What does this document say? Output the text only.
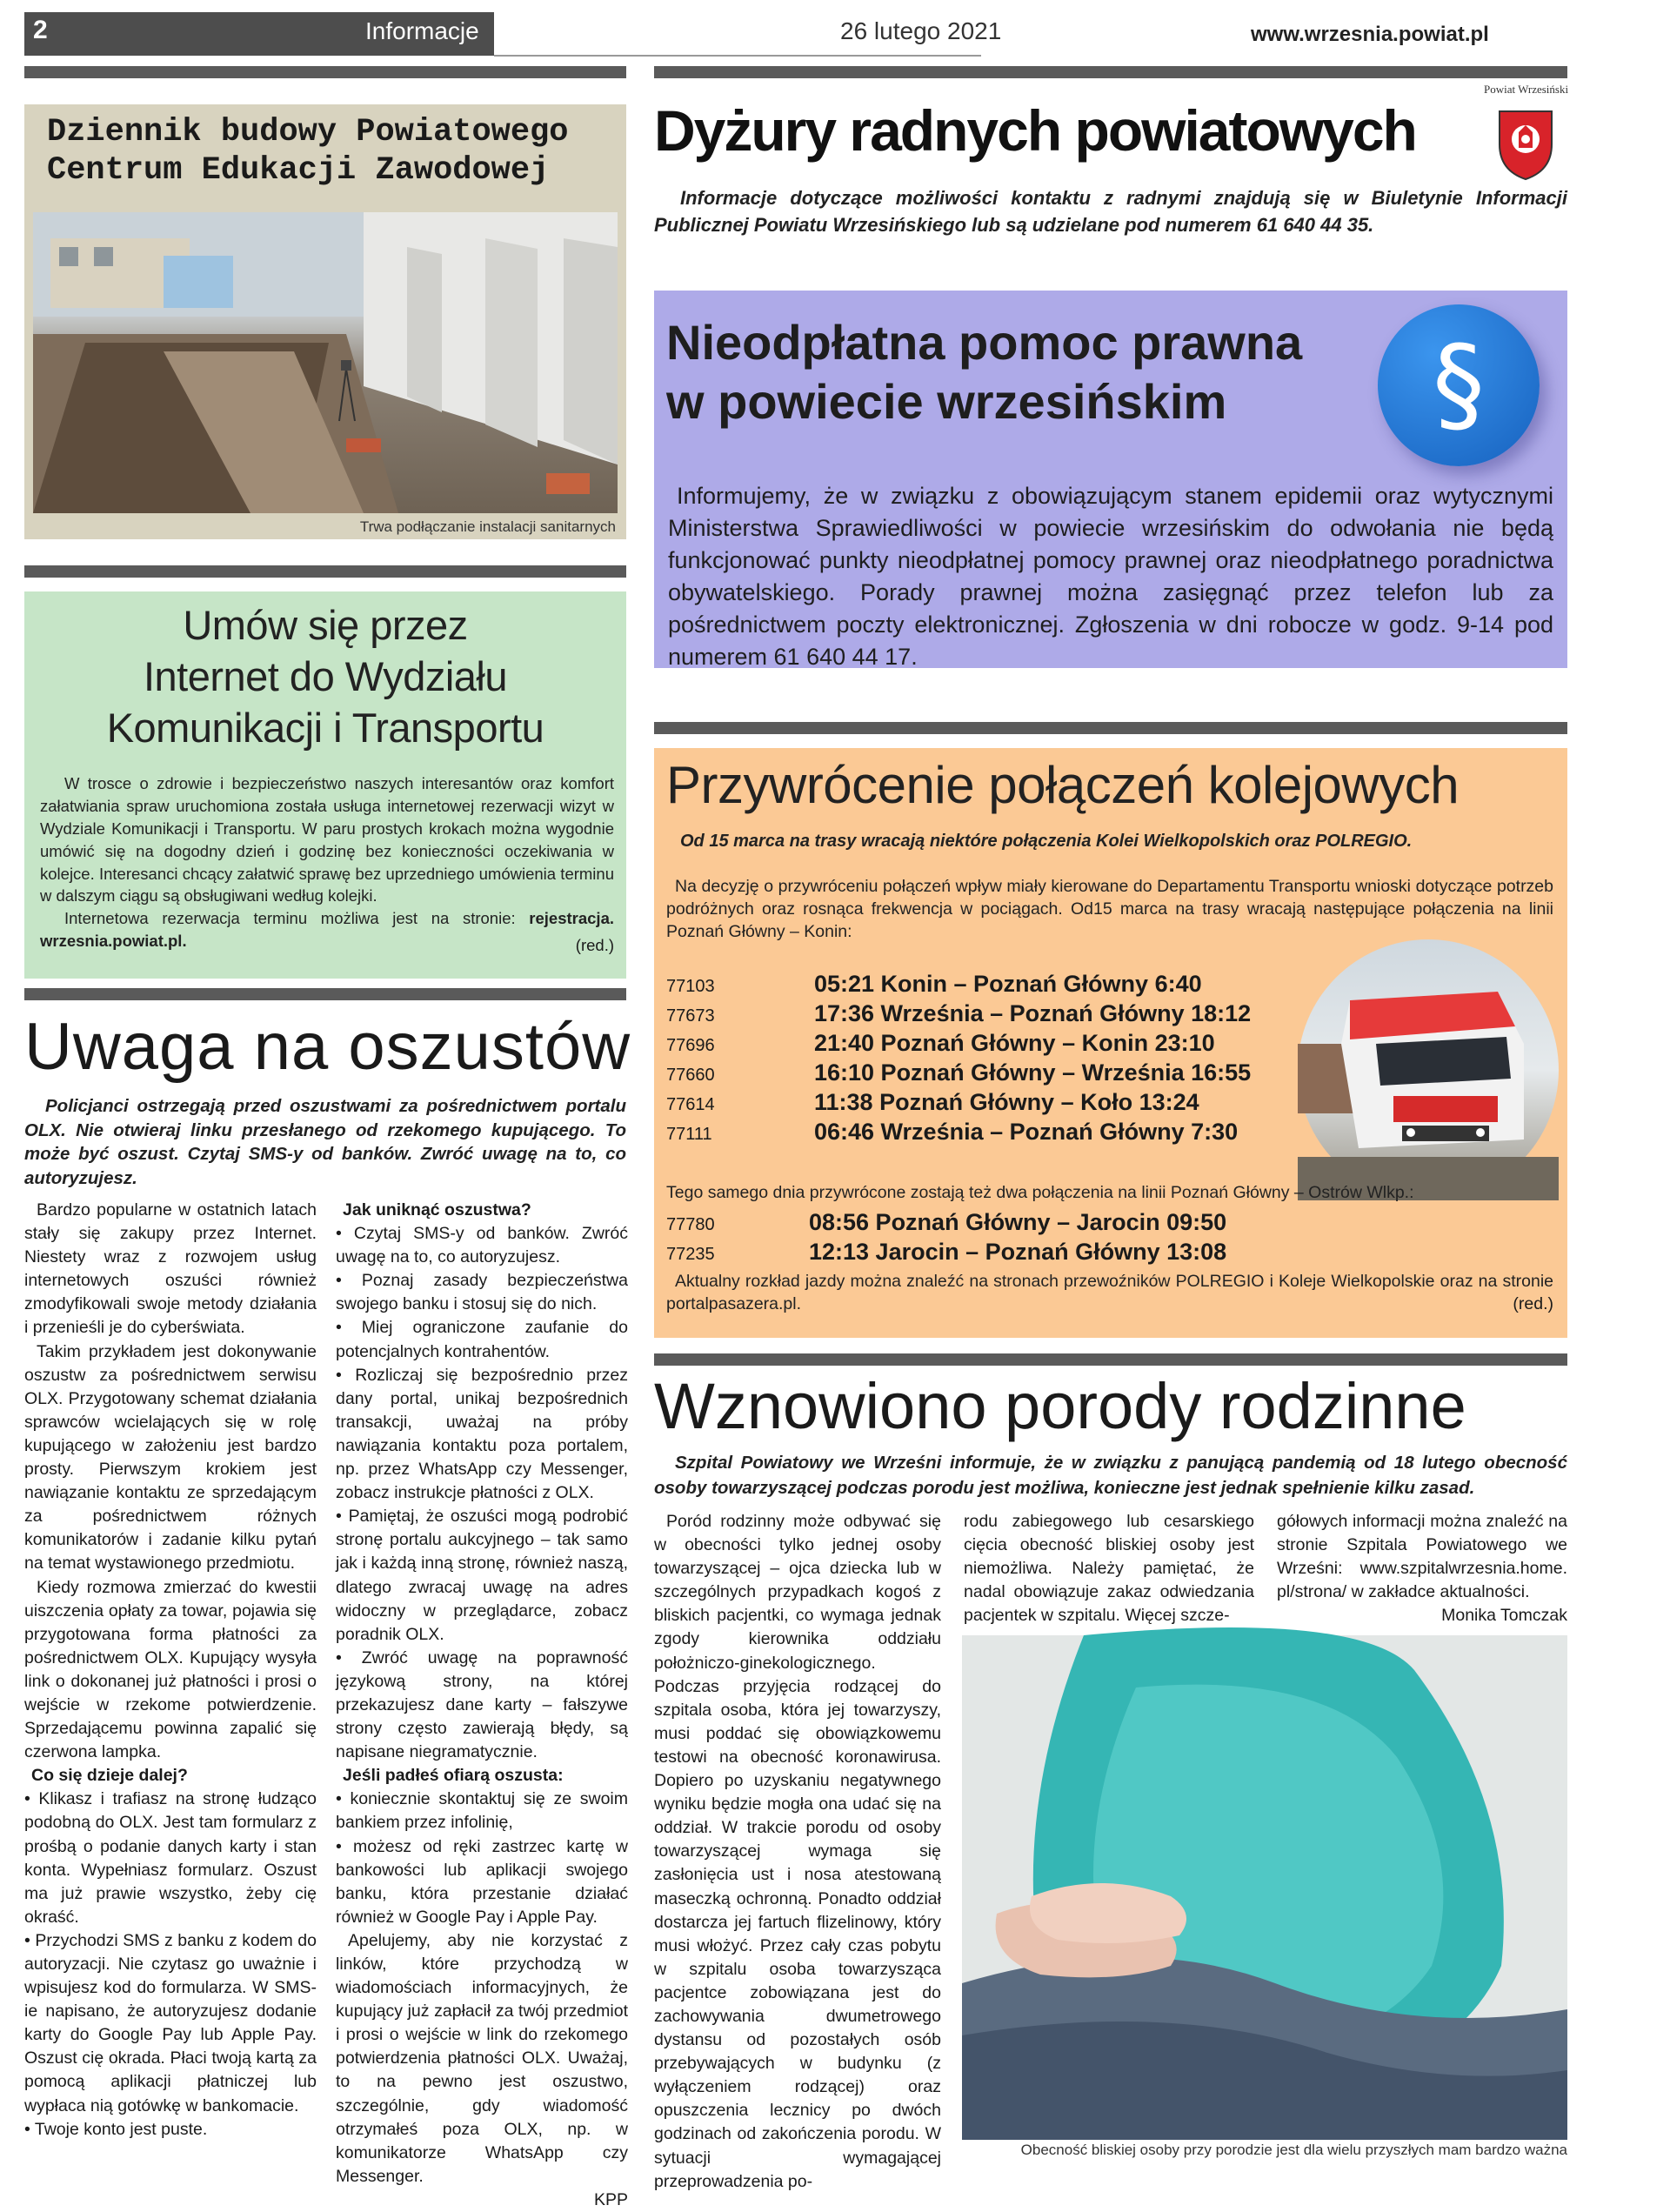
2	Informacje	26 lutego 2021	www.wrzesnia.powiat.pl
Dziennik budowy Powiatowego
Centrum Edukacji Zawodowej
Trwa podłączanie instalacji sanitarnych
Umów się przez
Internet do Wydziału
Komunikacji i Transportu

W trosce o zdrowie i bezpieczeństwo naszych interesantów oraz komfort załatwiania spraw uruchomiona została usługa internetowej rezerwacji wizyt w Wydziale Komunikacji i Transportu. W paru prostych krokach można wygodnie umówić się na dogodny dzień i godzinę bez konieczności oczekiwania w kolejce. Interesanci chcący załatwić sprawę bez uprzedniego umówienia terminu w dalszym ciągu są obsługiwani według kolejki.

Internetowa rezerwacja terminu możliwa jest na stronie: rejestracja. wrzesnia.powiat.pl.	(red.)
Uwaga na oszustów
Policjanci ostrzegają przed oszustwami za pośrednictwem portalu OLX. Nie otwieraj linku przesłanego od rzekomego kupującego. To może być oszust. Czytaj SMS-y od banków. Zwróć uwagę na to, co autoryzujesz.

Bardzo popularne w ostatnich latach stały się zakupy przez Internet. Niestety wraz z rozwojem usług internetowych oszuści również zmodyfikowali swoje metody działania i przenieśli je do cyberświata.

Takim przykładem jest dokonywanie oszustw za pośrednictwem serwisu OLX. Przygotowany schemat działania sprawców wcielających się w rolę kupującego w założeniu jest bardzo prosty. Pierwszym krokiem jest nawiązanie kontaktu ze sprzedającym za pośrednictwem różnych komunikatorów i zadanie kilku pytań na temat wystawionego przedmiotu.

Kiedy rozmowa zmierzać do kwestii uiszczenia opłaty za towar, pojawia się przygotowana forma płatności za pośrednictwem OLX. Kupujący wysyła link o dokonanej już płatności i prosi o wejście w rzekome potwierdzenie. Sprzedającemu powinna zapalić się czerwona lampka.

Co się dzieje dalej?

• Klikasz i trafiasz na stronę łudząco podobną do OLX. Jest tam formularz z prośbą o podanie danych karty i stan konta. Wypełniasz formularz. Oszust ma już prawie wszystko, żeby cię okraść.

• Przychodzi SMS z banku z kodem do autoryzacji. Nie czytasz go uważnie i wpisujesz kod do formularza. W SMS-ie napisano, że autoryzujesz dodanie karty do Google Pay lub Apple Pay. Oszust cię okrada. Płaci twoją kartą za pomocą aplikacji płatniczej lub wypłaca nią gotówkę w bankomacie.

• Twoje konto jest puste.

Jak uniknąć oszustwa?

• Czytaj SMS-y od banków. Zwróć uwagę na to, co autoryzujesz.

• Poznaj zasady bezpieczeństwa swojego banku i stosuj się do nich.

• Miej ograniczone zaufanie do potencjalnych kontrahentów.

• Rozliczaj się bezpośrednio przez dany portal, unikaj bezpośrednich transakcji, uważaj na próby nawiązania kontaktu poza portalem, np. przez WhatsApp czy Messenger, zobacz instrukcje płatności z OLX.

• Pamiętaj, że oszuści mogą podrobić stronę portalu aukcyjnego – tak samo jak i każdą inną stronę, również naszą, dlatego zwracaj uwagę na adres widoczny w przeglądarce, zobacz poradnik OLX.

• Zwróć uwagę na poprawność językową strony, na której przekazujesz dane karty – fałszywe strony często zawierają błędy, są napisane niegramatycznie.

Jeśli padłeś ofiarą oszusta:

• koniecznie skontaktuj się ze swoim bankiem przez infolinię,

• możesz od ręki zastrzec kartę w bankowości lub aplikacji swojego banku, która przestanie działać również w Google Pay i Apple Pay.

Apelujemy, aby nie korzystać z linków, które przychodzą w wiadomościach informacyjnych, że kupujący już zapłacił za twój przedmiot i prosi o wejście w link do rzekomego potwierdzenia płatności OLX. Uważaj, to na pewno jest oszustwo, szczególnie, gdy wiadomość otrzymałeś poza OLX, np. w komunikatorze WhatsApp czy Messenger.

KPP

Dyżury radnych powiatowych
Powiat Wrzesiński
Informacje dotyczące możliwości kontaktu z radnymi znajdują się w Biuletynie Informacji Publicznej Powiatu Wrzesińskiego lub są udzielane pod numerem 61 640 44 35.
Nieodpłatna pomoc prawna
w powiecie wrzesińskim	§
Informujemy, że w związku z obowiązującym stanem epidemii oraz wytycznymi Ministerstwa Sprawiedliwości w powiecie wrzesińskim do odwołania nie będą funkcjonować punkty nieodpłatnej pomocy prawnej oraz nieodpłatnego poradnictwa obywatelskiego. Porady prawnej można zasięgnąć przez telefon lub za pośrednictwem poczty elektronicznej. Zgłoszenia w dni robocze w godz. 9-14 pod numerem 61 640 44 17.
Przywrócenie połączeń kolejowych
Od 15 marca na trasy wracają niektóre połączenia Kolei Wielkopolskich oraz POLREGIO.
Na decyzję o przywróceniu połączeń wpływ miały kierowane do Departamentu Transportu wnioski dotyczące potrzeb podróżnych oraz rosnąca frekwencja w pociągach. Od15 marca na trasy wracają następujące połączenia na linii Poznań Główny – Konin:
77103	05:21 Konin – Poznań Główny 6:40
77673	17:36 Września – Poznań Główny 18:12
77696	21:40 Poznań Główny – Konin 23:10
77660	16:10 Poznań Główny – Września 16:55
77614	11:38 Poznań Główny – Koło 13:24
77111	06:46 Września – Poznań Główny 7:30
Tego samego dnia przywrócone zostają też dwa połączenia na linii Poznań Główny – Ostrów Wlkp.:
77780	08:56 Poznań Główny – Jarocin 09:50
77235	12:13 Jarocin – Poznań Główny 13:08
Aktualny rozkład jazdy można znaleźć na stronach przewoźników POLREGIO i Koleje Wielkopolskie oraz na stronie portalpasazera.pl.	(red.)
Wznowiono porody rodzinne
Szpital Powiatowy we Wrześni informuje, że w związku z panującą pandemią od 18 lutego obecność osoby towarzyszącej podczas porodu jest możliwa, konieczne jest jednak spełnienie kilku zasad.

Poród rodzinny może odbywać się w obecności tylko jednej osoby towarzyszącej – ojca dziecka lub w szczególnych przypadkach kogoś z bliskich pacjentki, co wymaga jednak zgody kierownika oddziału położniczo-ginekologicznego. Podczas przyjęcia rodzącej do szpitala osoba, która jej towarzyszy, musi poddać się obowiązkowemu testowi na obecność koronawirusa. Dopiero po uzyskaniu negatywnego wyniku będzie mogła ona udać się na oddział. W trakcie porodu od osoby towarzyszącej wymaga się zasłonięcia ust i nosa atestowaną maseczką ochronną. Ponadto oddział dostarcza jej fartuch flizelinowy, który musi włożyć. Przez cały czas pobytu w szpitalu osoba towarzysząca pacjentce zobowiązana jest do zachowywania dwumetrowego dystansu od pozostałych osób przebywających w budynku (z wyłączeniem rodzącej) oraz opuszczenia lecznicy po dwóch godzinach od zakończenia porodu. W sytuacji wymagającej przeprowadzenia po-

rodu zabiegowego lub cesarskiego cięcia obecność bliskiej osoby jest niemożliwa. Należy pamiętać, że nadal obowiązuje zakaz odwiedzania pacjentek w szpitalu. Więcej szcze-

gółowych informacji można znaleźć na stronie Szpitala Powiatowego we Wrześni: www.szpitalwrzesnia.home. pl/strona/ w zakładce aktualności.

Monika Tomczak

Obecność bliskiej osoby przy porodzie jest dla wielu przyszłych mam bardzo ważna
